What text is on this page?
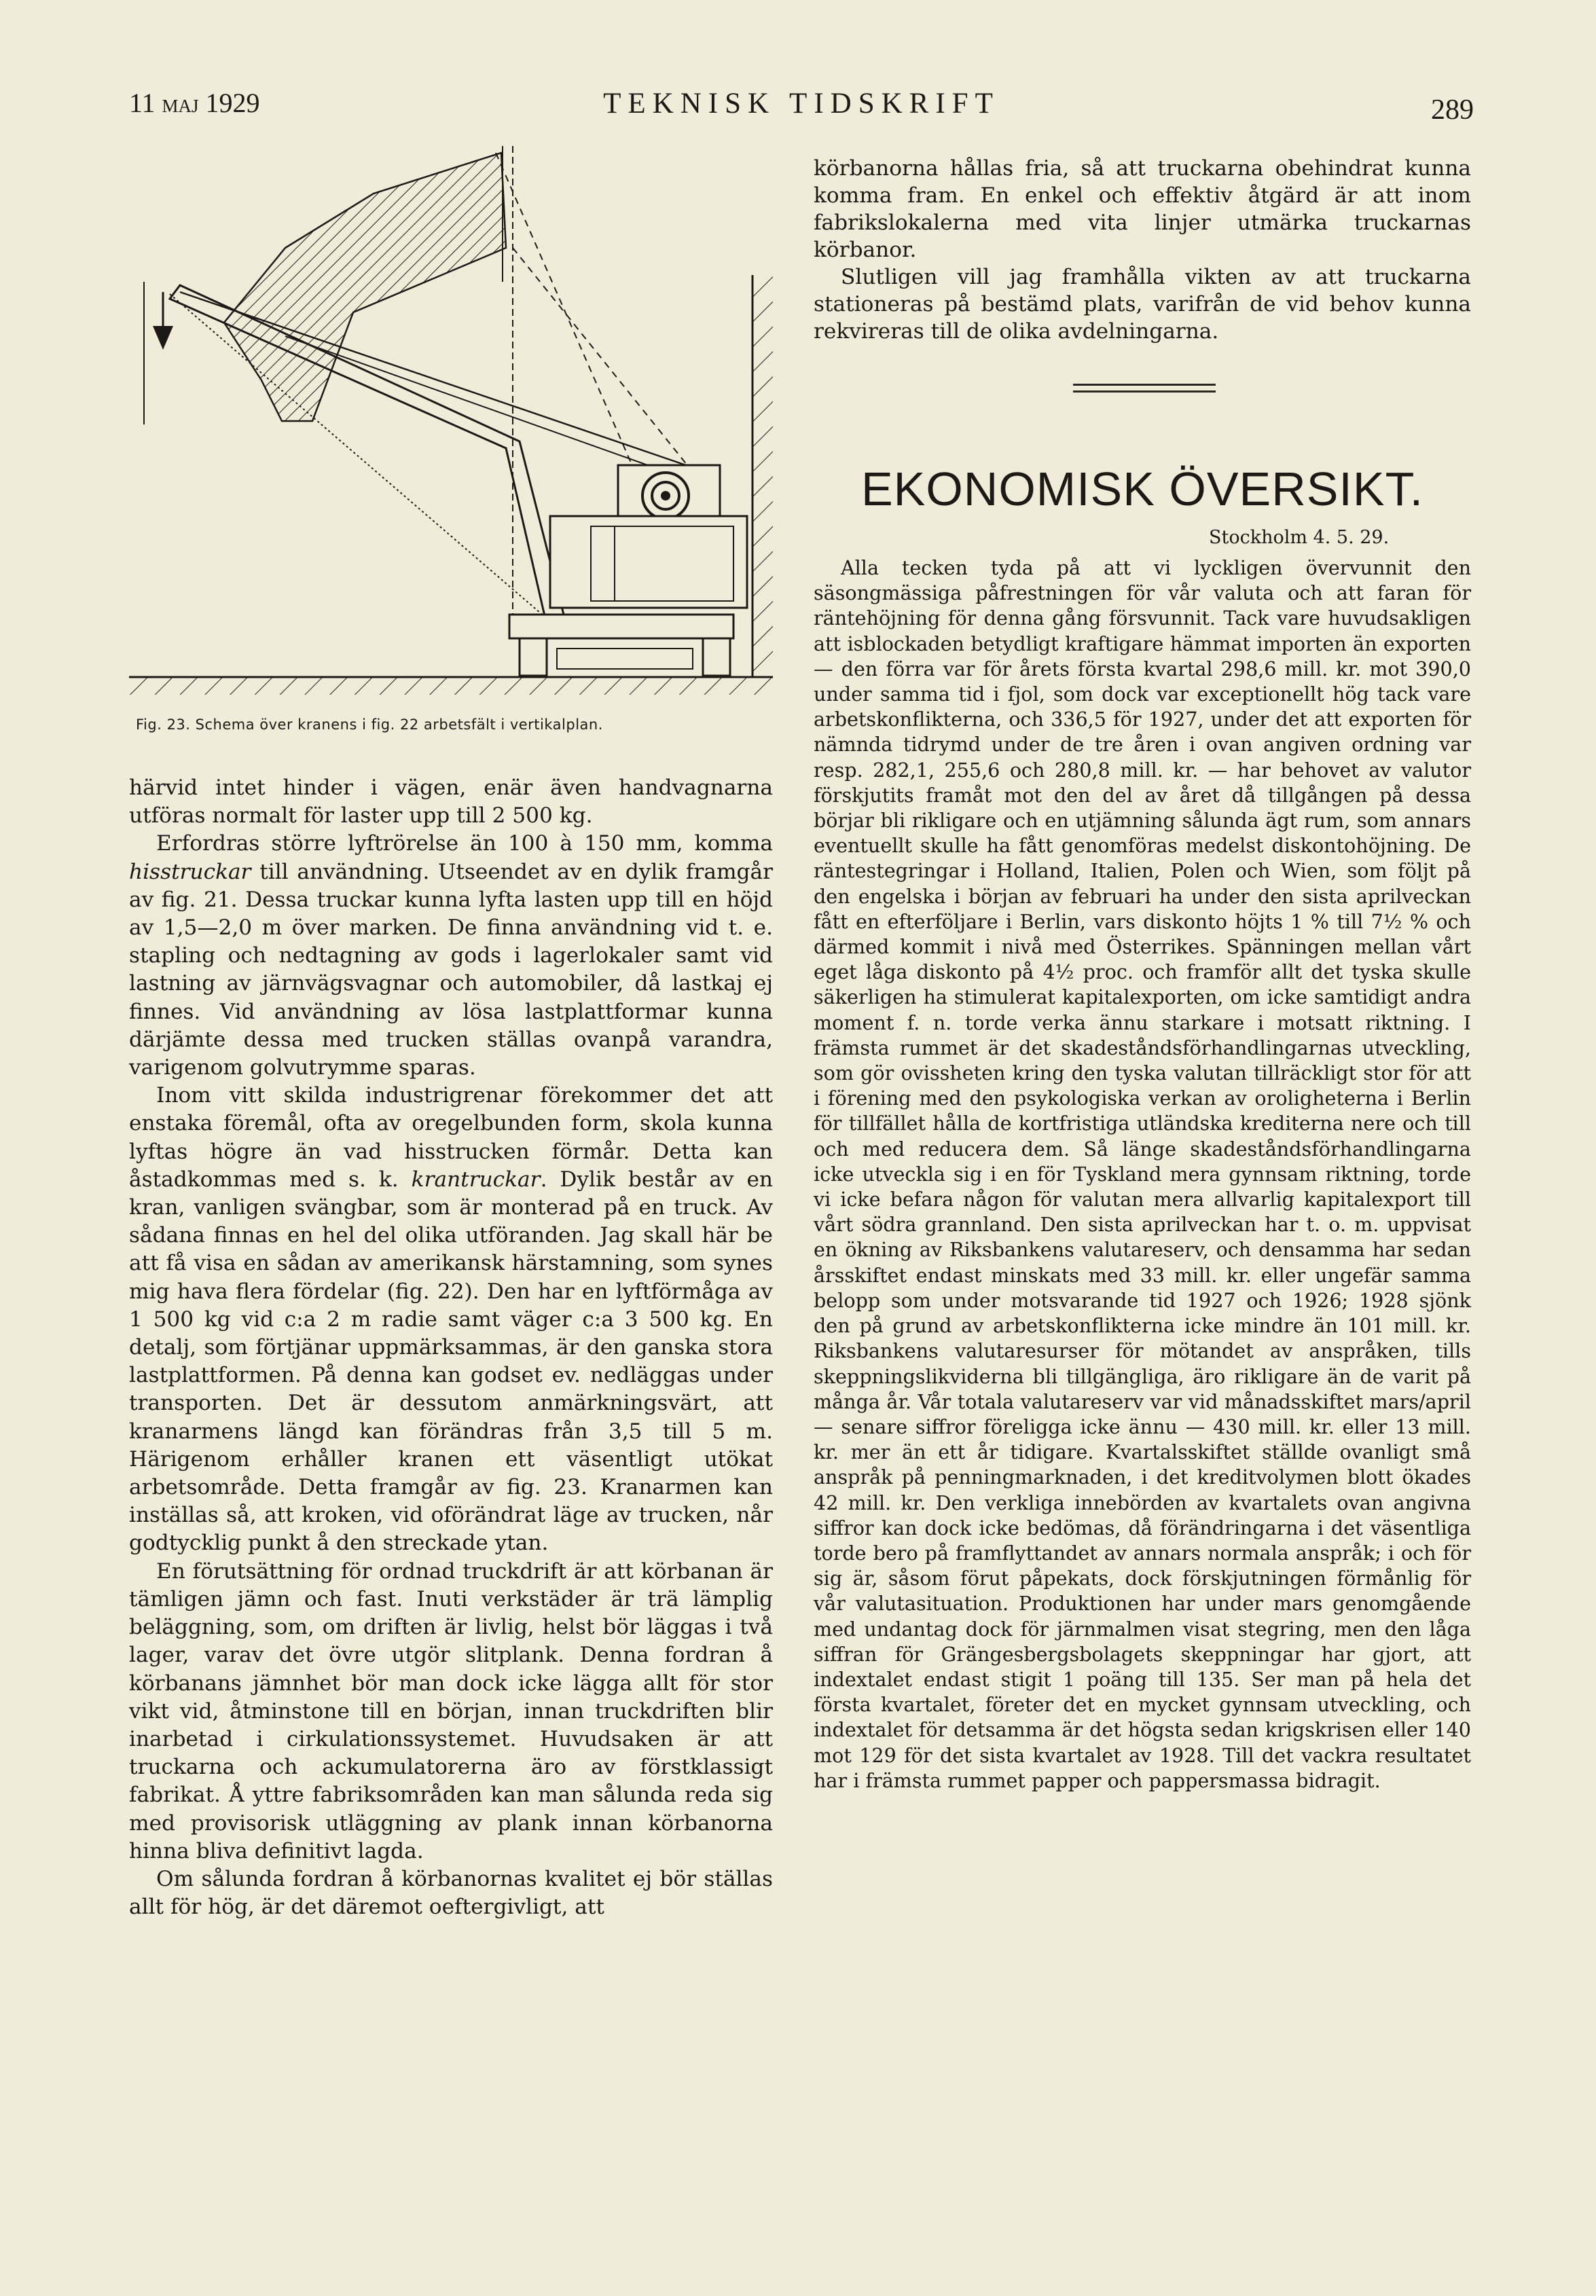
11 MAJ 1929	TEKNISK TIDSKRIFT	289
Fig. 23. Schema över kranens i fig. 22 arbetsfält i vertikalplan.

härvid intet hinder i vägen, enär även handvagnarna utföras normalt för laster upp till 2 500 kg.

Erfordras större lyftrörelse än 100 à 150 mm, komma hisstruckar till användning. Utseendet av en dylik framgår av fig. 21. Dessa truckar kunna lyfta lasten upp till en höjd av 1,5—2,0 m över marken. De finna användning vid t. e. stapling och nedtagning av gods i lagerlokaler samt vid lastning av järnvägsvagnar och automobiler, då lastkaj ej finnes. Vid användning av lösa lastplattformar kunna därjämte dessa med trucken ställas ovanpå varandra, varigenom golvutrymme sparas.

Inom vitt skilda industrigrenar förekommer det att enstaka föremål, ofta av oregelbunden form, skola kunna lyftas högre än vad hisstrucken förmår. Detta kan åstadkommas med s. k. krantruckar. Dylik består av en kran, vanligen svängbar, som är monterad på en truck. Av sådana finnas en hel del olika utföranden. Jag skall här be att få visa en sådan av amerikansk härstamning, som synes mig hava flera fördelar (fig. 22). Den har en lyftförmåga av 1 500 kg vid c:a 2 m radie samt väger c:a 3 500 kg. En detalj, som förtjänar uppmärksammas, är den ganska stora lastplattformen. På denna kan godset ev. nedläggas under transporten. Det är dessutom anmärkningsvärt, att kranarmens längd kan förändras från 3,5 till 5 m. Härigenom erhåller kranen ett väsentligt utökat arbetsområde. Detta framgår av fig. 23. Kranarmen kan inställas så, att kroken, vid oförändrat läge av trucken, når godtycklig punkt å den streckade ytan.

En förutsättning för ordnad truckdrift är att körbanan är tämligen jämn och fast. Inuti verkstäder är trä lämplig beläggning, som, om driften är livlig, helst bör läggas i två lager, varav det övre utgör slitplank. Denna fordran å körbanans jämnhet bör man dock icke lägga allt för stor vikt vid, åtminstone till en början, innan truckdriften blir inarbetad i cirkulationssystemet. Huvudsaken är att truckarna och ackumulatorerna äro av förstklassigt fabrikat. Å yttre fabriksområden kan man sålunda reda sig med provisorisk utläggning av plank innan körbanorna hinna bliva definitivt lagda.

Om sålunda fordran å körbanornas kvalitet ej bör ställas allt för hög, är det däremot oeftergivligt, att

körbanorna hållas fria, så att truckarna obehindrat kunna komma fram. En enkel och effektiv åtgärd är att inom fabrikslokalerna med vita linjer utmärka truckarnas körbanor.

Slutligen vill jag framhålla vikten av att truckarna stationeras på bestämd plats, varifrån de vid behov kunna rekvireras till de olika avdelningarna.

EKONOMISK ÖVERSIKT.
Stockholm 4. 5. 29.

Alla tecken tyda på att vi lyckligen övervunnit den säsongmässiga påfrestningen för vår valuta och att faran för räntehöjning för denna gång försvunnit. Tack vare huvudsakligen att isblockaden betydligt kraftigare hämmat importen än exporten — den förra var för årets första kvartal 298,6 mill. kr. mot 390,0 under samma tid i fjol, som dock var exceptionellt hög tack vare arbetskonflikterna, och 336,5 för 1927, under det att exporten för nämnda tidrymd under de tre åren i ovan angiven ordning var resp. 282,1, 255,6 och 280,8 mill. kr. — har behovet av valutor förskjutits framåt mot den del av året då tillgången på dessa börjar bli rikligare och en utjämning sålunda ägt rum, som annars eventuellt skulle ha fått genomföras medelst diskontohöjning. De räntestegringar i Holland, Italien, Polen och Wien, som följt på den engelska i början av februari ha under den sista aprilveckan fått en efterföljare i Berlin, vars diskonto höjts 1 % till 7½ % och därmed kommit i nivå med Österrikes. Spänningen mellan vårt eget låga diskonto på 4½ proc. och framför allt det tyska skulle säkerligen ha stimulerat kapitalexporten, om icke samtidigt andra moment f. n. torde verka ännu starkare i motsatt riktning. I främsta rummet är det skadeståndsförhandlingarnas utveckling, som gör ovissheten kring den tyska valutan tillräckligt stor för att i förening med den psykologiska verkan av oroligheterna i Berlin för tillfället hålla de kortfristiga utländska krediterna nere och till och med reducera dem. Så länge skadeståndsförhandlingarna icke utveckla sig i en för Tyskland mera gynnsam riktning, torde vi icke befara någon för valutan mera allvarlig kapitalexport till vårt södra grannland. Den sista aprilveckan har t. o. m. uppvisat en ökning av Riksbankens valutareserv, och densamma har sedan årsskiftet endast minskats med 33 mill. kr. eller ungefär samma belopp som under motsvarande tid 1927 och 1926; 1928 sjönk den på grund av arbetskonflikterna icke mindre än 101 mill. kr. Riksbankens valutaresurser för mötandet av anspråken, tills skeppningslikviderna bli tillgängliga, äro rikligare än de varit på många år. Vår totala valutareserv var vid månadsskiftet mars/april — senare siffror föreligga icke ännu — 430 mill. kr. eller 13 mill. kr. mer än ett år tidigare. Kvartalsskiftet ställde ovanligt små anspråk på penningmarknaden, i det kreditvolymen blott ökades 42 mill. kr. Den verkliga innebörden av kvartalets ovan angivna siffror kan dock icke bedömas, då förändringarna i det väsentliga torde bero på framflyttandet av annars normala anspråk; i och för sig är, såsom förut påpekats, dock förskjutningen förmånlig för vår valutasituation. Produktionen har under mars genomgående med undantag dock för järnmalmen visat stegring, men den låga siffran för Grängesbergsbolagets skeppningar har gjort, att indextalet endast stigit 1 poäng till 135. Ser man på hela det första kvartalet, företer det en mycket gynnsam utveckling, och indextalet för detsamma är det högsta sedan krigskrisen eller 140 mot 129 för det sista kvartalet av 1928. Till det vackra resultatet har i främsta rummet papper och pappersmassa bidragit.
